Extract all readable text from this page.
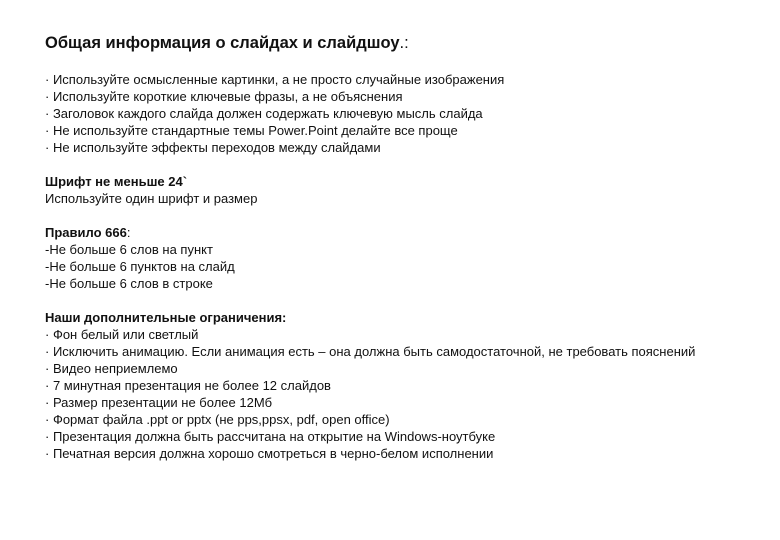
Общая информация о слайдах и слайдшоу.:
· Используйте осмысленные картинки, а не просто случайные изображения
· Используйте короткие ключевые фразы, а не объяснения
· Заголовок каждого слайда должен содержать ключевую мысль слайда
· Не используйте стандартные темы Power.Point делайте все проще
· Не используйте эффекты переходов между слайдами
Шрифт не меньше 24`
Используйте один шрифт и размер
Правило 666:
-Не больше 6 слов на пункт
-Не больше 6 пунктов на слайд
-Не больше 6 слов в строке
Наши дополнительные ограничения:
· Фон белый или светлый
· Исключить анимацию. Если анимация есть – она должна быть самодостаточной, не требовать пояснений
· Видео неприемлемо
· 7 минутная презентация не более 12 слайдов
· Размер презентации не более 12Мб
· Формат файла .ppt or pptx (не pps,ppsx, pdf, open office)
· Презентация должна быть рассчитана на открытие на Windows-ноутбуке
· Печатная версия должна хорошо смотреться в черно-белом исполнении
